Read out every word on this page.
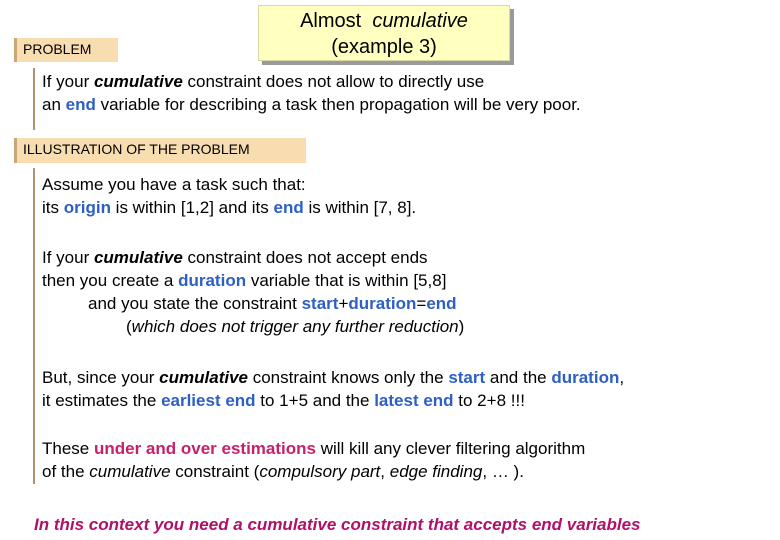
Almost cumulative
(example 3)
PROBLEM
If your cumulative constraint does not allow to directly use
an end variable for describing a task then propagation will be very poor.
ILLUSTRATION OF THE PROBLEM
Assume you have a task such that:
its origin is within [1,2] and its end is within [7, 8].
If your cumulative constraint does not accept ends
then you create a duration variable that is within [5,8]
and you state the constraint start+duration=end
(which does not trigger any further reduction)
But, since your cumulative constraint knows only the start and the duration,
it estimates the earliest end to 1+5 and the latest end to 2+8 !!!
These under and over estimations will kill any clever filtering algorithm
of the cumulative constraint (compulsory part, edge finding, … ).
In this context you need a cumulative constraint that accepts end variables
